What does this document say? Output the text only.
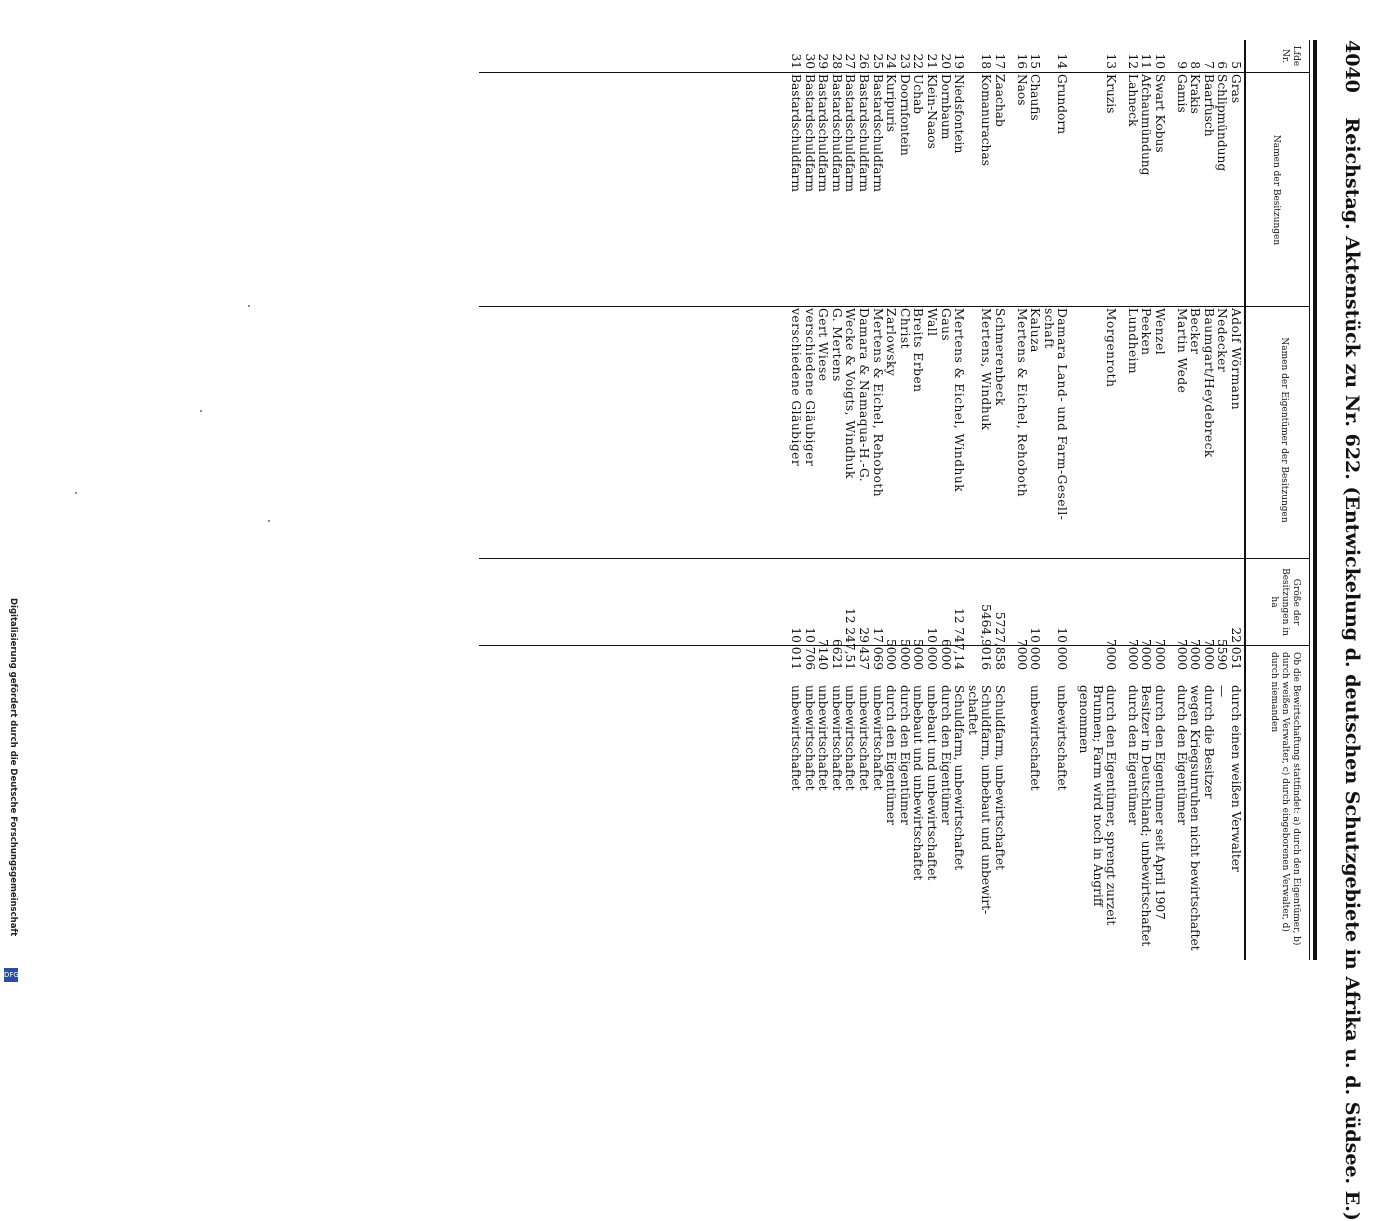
4040 Reichstag. Aktenstück zu Nr. 622. (Entwickelung d. deutschen Schutzgebiete in Afrika u. d. Südsee. E.)
Lfde Nr.
Namen der Besitzungen
Namen der Eigentümer der Besitzungen
Größe der Besitzungen in ha
Ob die Bewirtschaftung stattfindet: a) durch den Eigentümer, b) durch weißen Verwalter, c) durch eingeborenen Verwalter, d) durch niemanden
5
Gras
Adolf Wörmann
22 051
durch einen weißen Verwalter
6
Schlipmündung
Nedecker
5590
—
7
Baarfusch
Baumgart/Heydebreck
7000
durch die Besitzer
8
Krakis
Becker
7000
wegen Kriegsunruhen nicht bewirtschaftet
9
Gamis
Martin Wede
7000
durch den Eigentümer
10
Swart Kobus
Wenzel
7000
durch den Eigentümer seit April 1907
11
Afchaumündung
Peeken
7000
Besitzer in Deutschland; unbewirtschaftet
12
Lahneck
Lundheim
7000
durch den Eigentümer
13
Kruzis
Morgenroth
7000
durch den Eigentümer, sprengt zurzeit
Brunnen; Farm wird noch in Angriff
genommen
14
Grundorn
Damara Land- und Farm-Gesell-
10 000
unbewirtschaftet
schaft
15
Chaufis
Kaluza
10 000
unbewirtschaftet
16
Naos
Mertens & Eichel, Rehoboth
7000
17
Zaachab
Schmerenbeck
5727,858
Schuldfarm, unbewirtschaftet
18
Komanurachas
Mertens, Windhuk
5464,9016
Schuldfarm, unbebaut und unbewirt-
schaftet
19
Niedsfontein
Mertens & Eichel, Windhuk
12 747,14
Schuldfarm, unbewirtschaftet
20
Dornbaum
Gaus
6000
durch den Eigentümer
21
Klein-Naaos
Wall
10 000
unbebaut und unbewirtschaftet
22
Uchab
Breits Erben
5000
unbebaut und unbewirtschaftet
23
Doornfontein
Christ
5000
durch den Eigentümer
24
Kuripuris
Zarlowsky
5000
durch den Eigentümer
25
Bastardschuldfarm
Mertens & Eichel, Rehoboth
17 069
unbewirtschaftet
26
Bastardschuldfarm
Damara & Namaqua-H.-G.
29 437
unbewirtschaftet
27
Bastardschuldfarm
Wecke & Voigts, Windhuk
12 247,51
unbewirtschaftet
28
Bastardschuldfarm
G. Mertens
6621
unbewirtschaftet
29
Bastardschuldfarm
Gert Wiese
7140
unbewirtschaftet
30
Bastardschuldfarm
verschiedene Gläubiger
10 706
unbewirtschaftet
31
Bastardschuldfarm
verschiedene Gläubiger
10 011
unbewirtschaftet
DFG
Digitalisierung gefördert durch die Deutsche Forschungsgemeinschaft
